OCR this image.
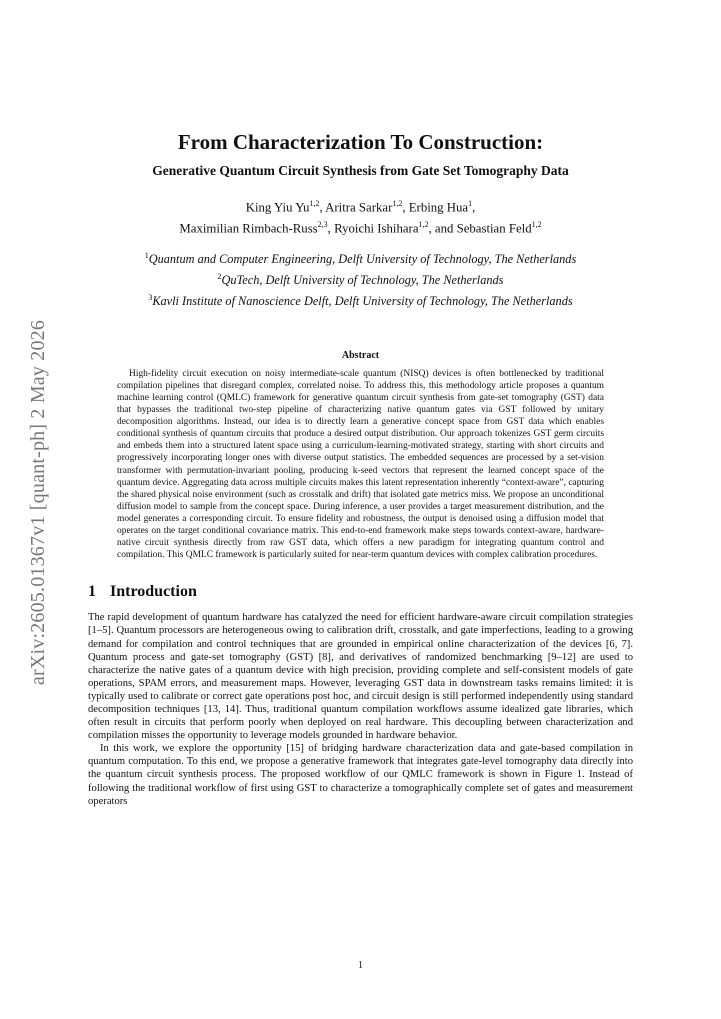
arXiv:2605.01367v1 [quant-ph] 2 May 2026
From Characterization To Construction:
Generative Quantum Circuit Synthesis from Gate Set Tomography Data
King Yiu Yu$^{1,2}$, Aritra Sarkar$^{1,2}$, Erbing Hua$^1$,
Maximilian Rimbach-Russ$^{2,3}$, Ryoichi Ishihara$^{1,2}$, and Sebastian Feld$^{1,2}$
$^1$Quantum and Computer Engineering, Delft University of Technology, The Netherlands
$^2$QuTech, Delft University of Technology, The Netherlands
$^3$Kavli Institute of Nanoscience Delft, Delft University of Technology, The Netherlands
Abstract

High-fidelity circuit execution on noisy intermediate-scale quantum (NISQ) devices is often bottlenecked by traditional compilation pipelines that disregard complex, correlated noise. To address this, this methodology article proposes a quantum machine learning control (QMLC) framework for generative quantum circuit synthesis from gate-set tomography (GST) data that bypasses the traditional two-step pipeline of characterizing native quantum gates via GST followed by unitary decomposition algorithms. Instead, our idea is to directly learn a generative concept space from GST data which enables conditional synthesis of quantum circuits that produce a desired output distribution. Our approach tokenizes GST germ circuits and embeds them into a structured latent space using a curriculum-learning-motivated strategy, starting with short circuits and progressively incorporating longer ones with diverse output statistics. The embedded sequences are processed by a set-vision transformer with permutation-invariant pooling, producing k-seed vectors that represent the learned concept space of the quantum device. Aggregating data across multiple circuits makes this latent representation inherently “context-aware”, capturing the shared physical noise environment (such as crosstalk and drift) that isolated gate metrics miss. We propose an unconditional diffusion model to sample from the concept space. During inference, a user provides a target measurement distribution, and the model generates a corresponding circuit. To ensure fidelity and robustness, the output is denoised using a diffusion model that operates on the target conditional covariance matrix. This end-to-end framework make steps towards context-aware, hardware-native circuit synthesis directly from raw GST data, which offers a new paradigm for integrating quantum control and compilation. This QMLC framework is particularly suited for near-term quantum devices with complex calibration procedures.

1 Introduction

The rapid development of quantum hardware has catalyzed the need for efficient hardware-aware circuit compilation strategies [1–5]. Quantum processors are heterogeneous owing to calibration drift, crosstalk, and gate imperfections, leading to a growing demand for compilation and control techniques that are grounded in empirical online characterization of the devices [6, 7]. Quantum process and gate-set tomography (GST) [8], and derivatives of randomized benchmarking [9–12] are used to characterize the native gates of a quantum device with high precision, providing complete and self-consistent models of gate operations, SPAM errors, and measurement maps. However, leveraging GST data in downstream tasks remains limited: it is typically used to calibrate or correct gate operations post hoc, and circuit design is still performed independently using standard decomposition techniques [13, 14]. Thus, traditional quantum compilation workflows assume idealized gate libraries, which often result in circuits that perform poorly when deployed on real hardware. This decoupling between characterization and compilation misses the opportunity to leverage models grounded in hardware behavior.

In this work, we explore the opportunity [15] of bridging hardware characterization data and gate-based compilation in quantum computation. To this end, we propose a generative framework that integrates gate-level tomography data directly into the quantum circuit synthesis process. The proposed workflow of our QMLC framework is shown in Figure 1. Instead of following the traditional workflow of first using GST to characterize a tomographically complete set of gates and measurement operators

1
